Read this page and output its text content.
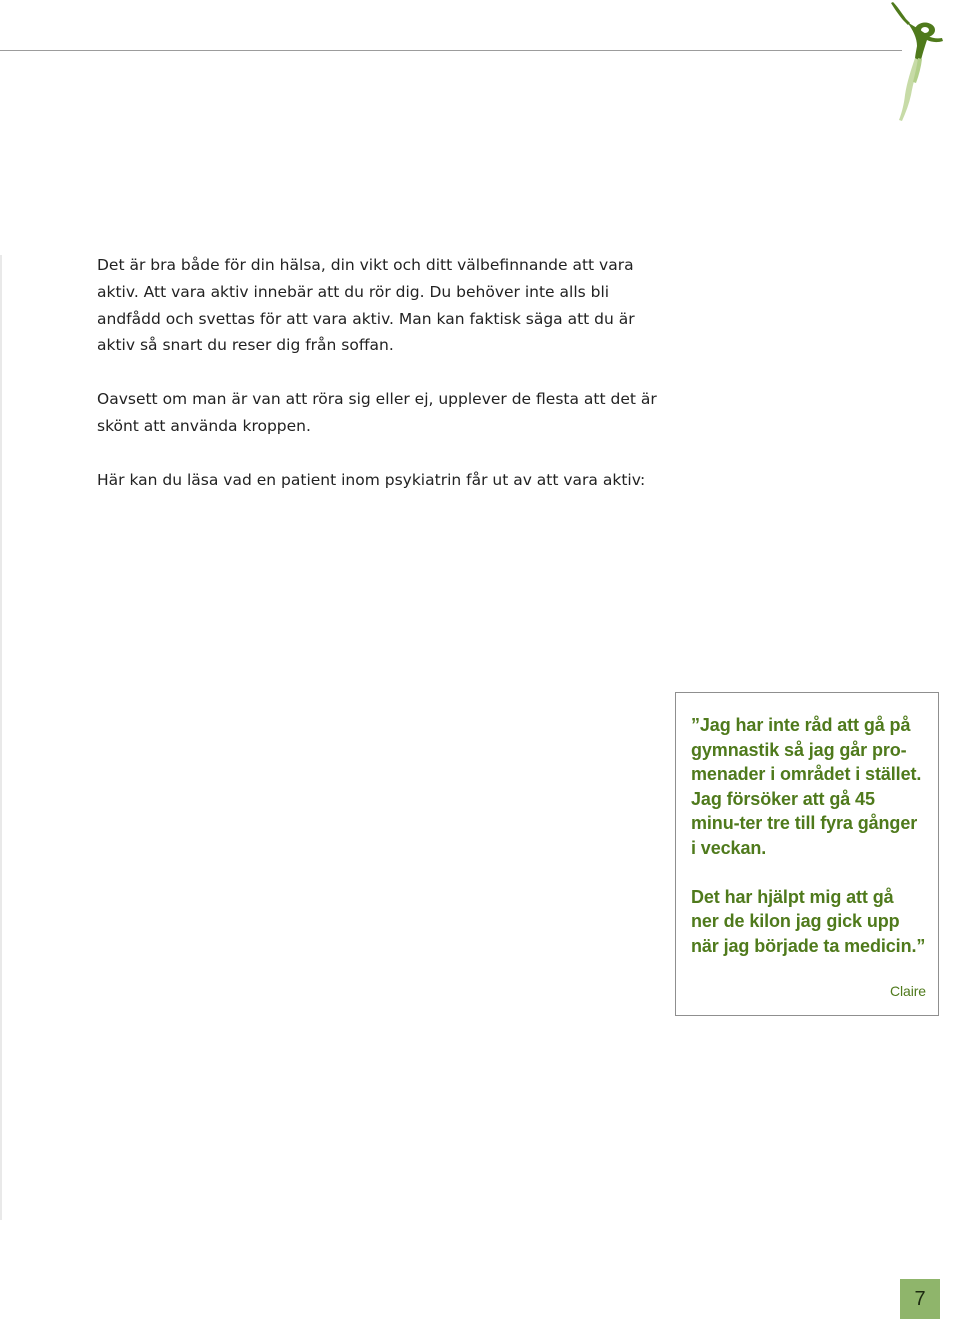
Det är bra både för din hälsa, din vikt och ditt välbefinnande att vara aktiv. Att vara aktiv innebär att du rör dig. Du behöver inte alls bli andfådd och svettas för att vara aktiv. Man kan faktisk säga att du är aktiv så snart du reser dig från soffan.

Oavsett om man är van att röra sig eller ej, upplever de flesta att det är skönt att använda kroppen.

Här kan du läsa vad en patient inom psykiatrin får ut av att vara aktiv:

”Jag har inte råd att gå på gymnastik så jag går pro-menader i området i stället. Jag försöker att gå 45 minu-ter tre till fyra gånger i veckan.

Det har hjälpt mig att gå ner de kilon jag gick upp när jag började ta medicin.”

Claire
7
